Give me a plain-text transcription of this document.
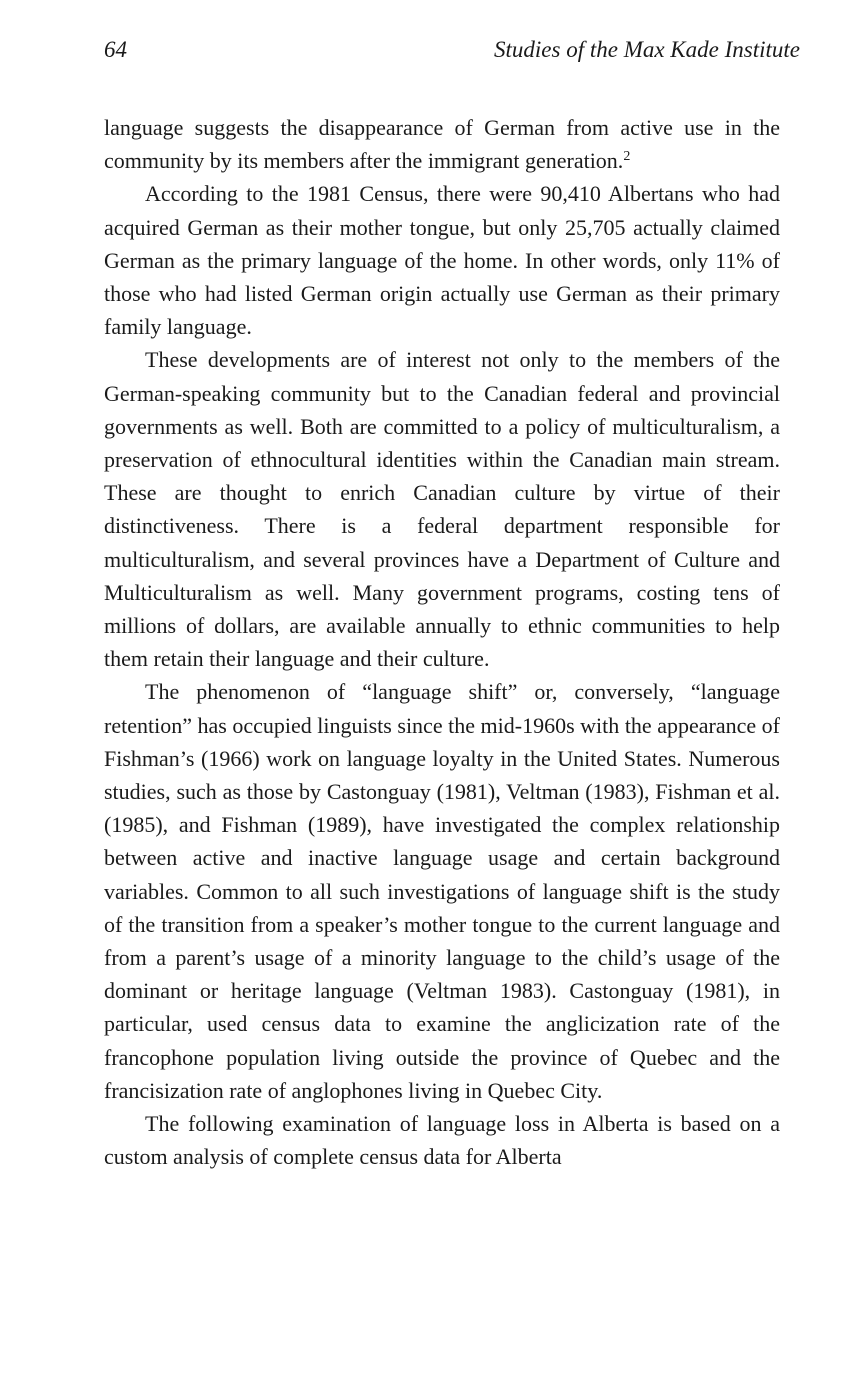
64	Studies of the Max Kade Institute

language suggests the disappearance of German from active use in the community by its members after the immigrant generation.$^2$

According to the 1981 Census, there were 90,410 Albertans who had acquired German as their mother tongue, but only 25,705 actually claimed German as the primary language of the home. In other words, only 11% of those who had listed German origin actually use German as their primary family language.

These developments are of interest not only to the members of the German-speaking community but to the Canadian federal and provincial governments as well. Both are committed to a policy of multiculturalism, a preservation of ethnocultural identities within the Canadian main stream. These are thought to enrich Canadian culture by virtue of their distinctiveness. There is a federal department responsible for multiculturalism, and several provinces have a Department of Culture and Multiculturalism as well. Many government programs, costing tens of millions of dollars, are available annually to ethnic communities to help them retain their language and their culture.

The phenomenon of “language shift” or, conversely, “language retention” has occupied linguists since the mid-1960s with the appearance of Fishman’s (1966) work on language loyalty in the United States. Numerous studies, such as those by Castonguay (1981), Veltman (1983), Fishman et al. (1985), and Fishman (1989), have investigated the complex relationship between active and inactive language usage and certain background variables. Common to all such investigations of language shift is the study of the transition from a speaker’s mother tongue to the current language and from a parent’s usage of a minority language to the child’s usage of the dominant or heritage language (Veltman 1983). Castonguay (1981), in particular, used census data to examine the anglicization rate of the francophone population living outside the province of Quebec and the francisization rate of anglophones living in Quebec City.

The following examination of language loss in Alberta is based on a custom analysis of complete census data for Alberta
